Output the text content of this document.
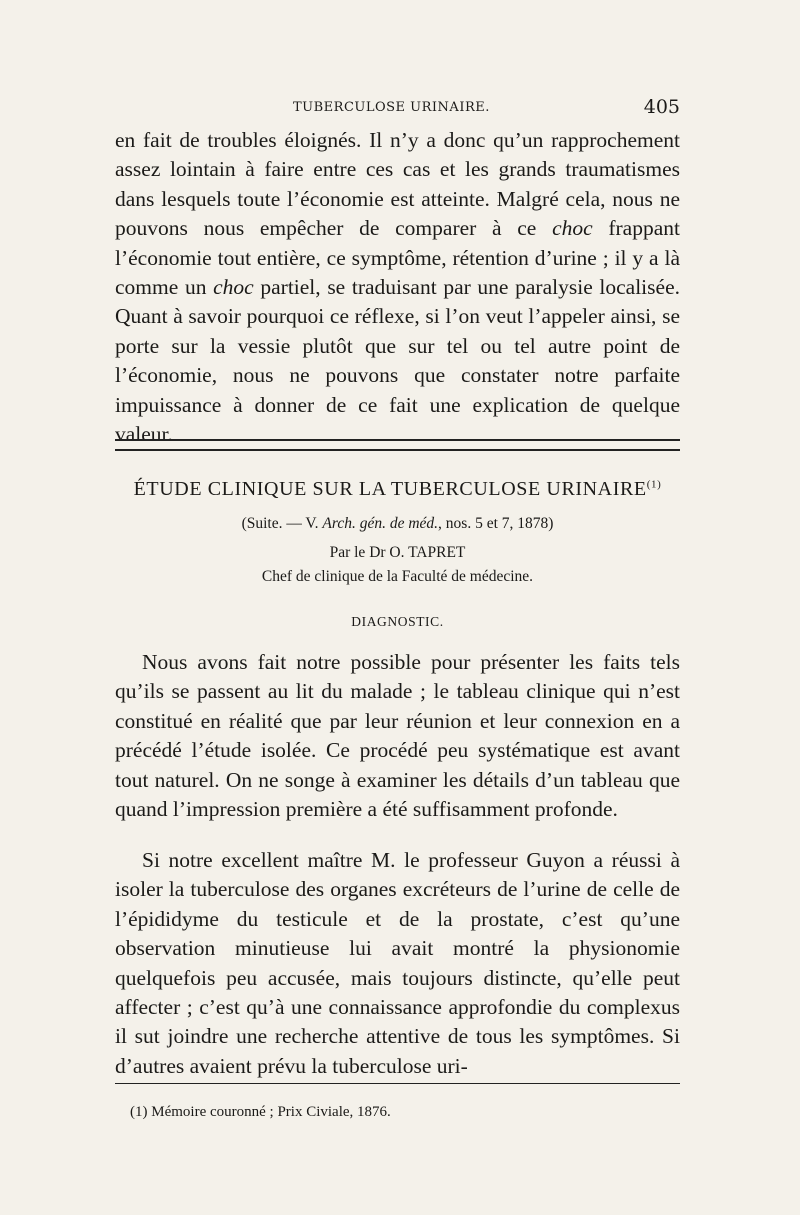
TUBERCULOSE URINAIRE.	405

en fait de troubles éloignés. Il n’y a donc qu’un rapprochement assez lointain à faire entre ces cas et les grands traumatismes dans lesquels toute l’économie est atteinte. Malgré cela, nous ne pouvons nous empêcher de comparer à ce choc frappant l’économie tout entière, ce symptôme, rétention d’urine ; il y a là comme un choc partiel, se traduisant par une paralysie localisée. Quant à savoir pourquoi ce réflexe, si l’on veut l’appeler ainsi, se porte sur la vessie plutôt que sur tel ou tel autre point de l’économie, nous ne pouvons que constater notre parfaite impuissance à donner de ce fait une explication de quelque valeur.

ÉTUDE CLINIQUE SUR LA TUBERCULOSE URINAIRE$^{(1)}$
(Suite. — V. Arch. gén. de méd., nos. 5 et 7, 1878)
Par le Dr O. TAPRET
Chef de clinique de la Faculté de médecine.
DIAGNOSTIC.

Nous avons fait notre possible pour présenter les faits tels qu’ils se passent au lit du malade ; le tableau clinique qui n’est constitué en réalité que par leur réunion et leur connexion en a précédé l’étude isolée. Ce procédé peu systématique est avant tout naturel. On ne songe à examiner les détails d’un tableau que quand l’impression première a été suffisamment profonde.

Si notre excellent maître M. le professeur Guyon a réussi à isoler la tuberculose des organes excréteurs de l’urine de celle de l’épididyme du testicule et de la prostate, c’est qu’une observation minutieuse lui avait montré la physionomie quelquefois peu accusée, mais toujours distincte, qu’elle peut affecter ; c’est qu’à une connaissance approfondie du complexus il sut joindre une recherche attentive de tous les symptômes. Si d’autres avaient prévu la tuberculose uri-

(1) Mémoire couronné ; Prix Civiale, 1876.
